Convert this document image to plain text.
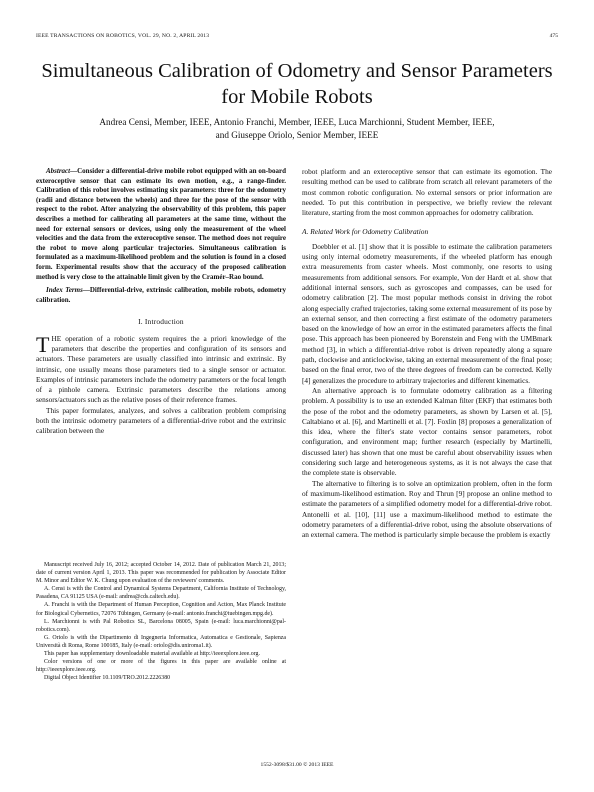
IEEE TRANSACTIONS ON ROBOTICS, VOL. 29, NO. 2, APRIL 2013	475
Simultaneous Calibration of Odometry and Sensor Parameters for Mobile Robots
Andrea Censi, Member, IEEE, Antonio Franchi, Member, IEEE, Luca Marchionni, Student Member, IEEE,
and Giuseppe Oriolo, Senior Member, IEEE

Abstract—Consider a differential-drive mobile robot equipped with an on-board exteroceptive sensor that can estimate its own motion, e.g., a range-finder. Calibration of this robot involves estimating six parameters: three for the odometry (radii and distance between the wheels) and three for the pose of the sensor with respect to the robot. After analyzing the observability of this problem, this paper describes a method for calibrating all parameters at the same time, without the need for external sensors or devices, using only the measurement of the wheel velocities and the data from the exteroceptive sensor. The method does not require the robot to move along particular trajectories. Simultaneous calibration is formulated as a maximum-likelihood problem and the solution is found in a closed form. Experimental results show that the accuracy of the proposed calibration method is very close to the attainable limit given by the Cramér–Rao bound.

Index Terms—Differential-drive, extrinsic calibration, mobile robots, odometry calibration.

I. Introduction

THE operation of a robotic system requires the a priori knowledge of the parameters that describe the properties and configuration of its sensors and actuators. These parameters are usually classified into intrinsic and extrinsic. By intrinsic, one usually means those parameters tied to a single sensor or actuator. Examples of intrinsic parameters include the odometry parameters or the focal length of a pinhole camera. Extrinsic parameters describe the relations among sensors/actuators such as the relative poses of their reference frames.

This paper formulates, analyzes, and solves a calibration problem comprising both the intrinsic odometry parameters of a differential-drive robot and the extrinsic calibration between the

robot platform and an exteroceptive sensor that can estimate its egomotion. The resulting method can be used to calibrate from scratch all relevant parameters of the most common robotic configuration. No external sensors or prior information are needed. To put this contribution in perspective, we briefly review the relevant literature, starting from the most common approaches for odometry calibration.

A. Related Work for Odometry Calibration

Doebbler et al. [1] show that it is possible to estimate the calibration parameters using only internal odometry measurements, if the wheeled platform has enough extra measurements from caster wheels. Most commonly, one resorts to using measurements from additional sensors. For example, Von der Hardt et al. show that additional internal sensors, such as gyroscopes and compasses, can be used for odometry calibration [2]. The most popular methods consist in driving the robot along especially crafted trajectories, taking some external measurement of its pose by an external sensor, and then correcting a first estimate of the odometry parameters based on the knowledge of how an error in the estimated parameters affects the final pose. This approach has been pioneered by Borenstein and Feng with the UMBmark method [3], in which a differential-drive robot is driven repeatedly along a square path, clockwise and anticlockwise, taking an external measurement of the final pose; based on the final error, two of the three degrees of freedom can be corrected. Kelly [4] generalizes the procedure to arbitrary trajectories and different kinematics.

An alternative approach is to formulate odometry calibration as a filtering problem. A possibility is to use an extended Kalman filter (EKF) that estimates both the pose of the robot and the odometry parameters, as shown by Larsen et al. [5], Caltabiano et al. [6], and Martinelli et al. [7]. Foxlin [8] proposes a generalization of this idea, where the filter's state vector contains sensor parameters, robot configuration, and environment map; further research (especially by Martinelli, discussed later) has shown that one must be careful about observability issues when considering such large and heterogeneous systems, as it is not always the case that the complete state is observable.

The alternative to filtering is to solve an optimization problem, often in the form of maximum-likelihood estimation. Roy and Thrun [9] propose an online method to estimate the parameters of a simplified odometry model for a differential-drive robot. Antonelli et al. [10], [11] use a maximum-likelihood method to estimate the odometry parameters of a differential-drive robot, using the absolute observations of an external camera. The method is particularly simple because the problem is exactly

Manuscript received July 16, 2012; accepted October 14, 2012. Date of publication March 21, 2013; date of current version April 1, 2013. This paper was recommended for publication by Associate Editor M. Minor and Editor W. K. Chung upon evaluation of the reviewers' comments.

A. Censi is with the Control and Dynamical Systems Department, California Institute of Technology, Pasadena, CA 91125 USA (e-mail: andrea@cds.caltech.edu).

A. Franchi is with the Department of Human Perception, Cognition and Action, Max Planck Institute for Biological Cybernetics, 72076 Tübingen, Germany (e-mail: antonio.franchi@tuebingen.mpg.de).

L. Marchionni is with Pal Robotics SL, Barcelona 08005, Spain (e-mail: luca.marchionni@pal-robotics.com).

G. Oriolo is with the Dipartimento di Ingegneria Informatica, Automatica e Gestionale, Sapienza Università di Roma, Rome 100185, Italy (e-mail: oriolo@dis.uniroma1.it).

This paper has supplementary downloadable material available at http://ieeexplore.ieee.org.

Color versions of one or more of the figures in this paper are available online at http://ieeexplore.ieee.org.

Digital Object Identifier 10.1109/TRO.2012.2226380

1552-3098/$31.00 © 2013 IEEE
